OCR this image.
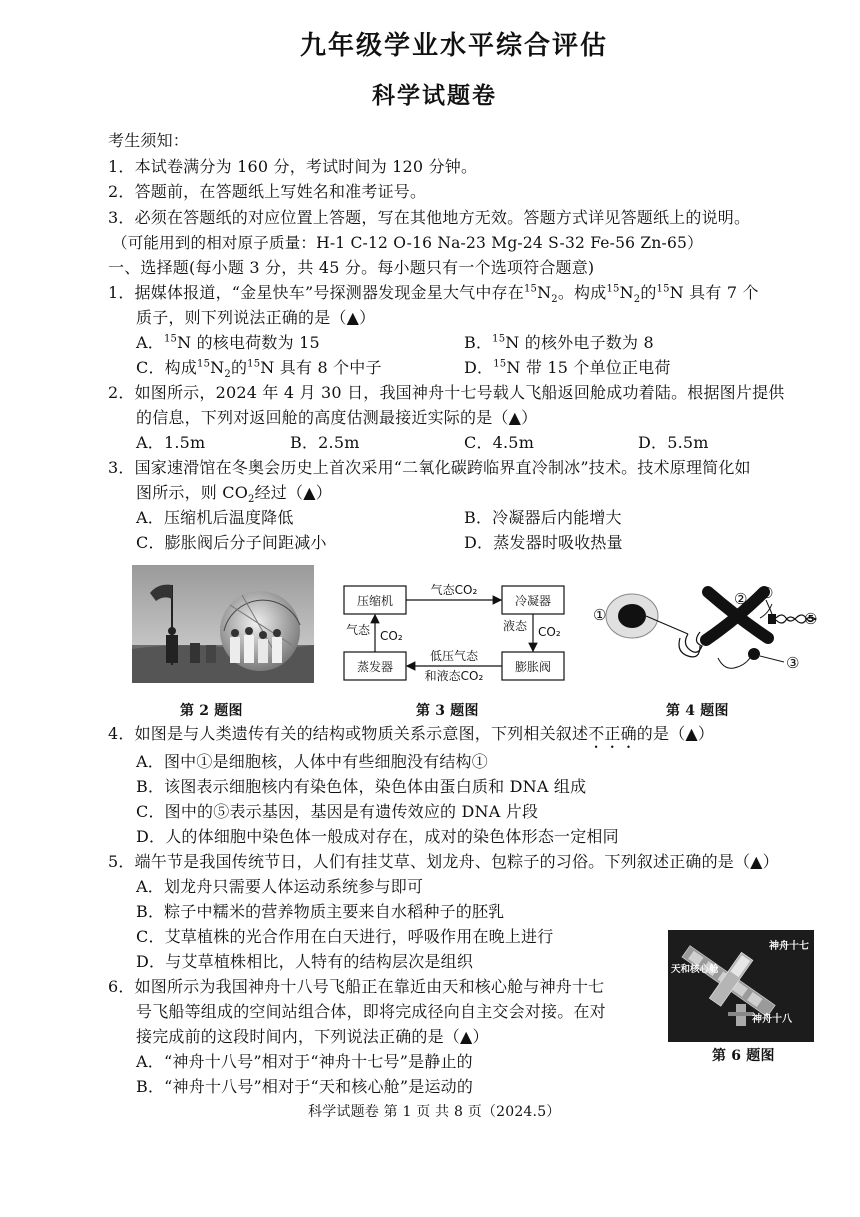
九年级学业水平综合评估
科学试题卷
考生须知：
1．本试卷满分为 160 分，考试时间为 120 分钟。
2．答题前，在答题纸上写姓名和准考证号。
3．必须在答题纸的对应位置上答题，写在其他地方无效。答题方式详见答题纸上的说明。
（可能用到的相对原子质量：H-1 C-12 O-16 Na-23 Mg-24 S-32 Fe-56 Zn-65）
一、选择题(每小题 3 分，共 45 分。每小题只有一个选项符合题意)
1．据媒体报道，“金星快车”号探测器发现金星大气中存在$^{15}N_2$。构成$^{15}N_2$的$^{15}$N 具有 7 个
质子，则下列说法正确的是（▲）
A．$^{15}$N 的核电荷数为 15	B．$^{15}$N 的核外电子数为 8
C．构成$^{15}N_2$的$^{15}$N 具有 8 个中子	D．$^{15}$N 带 15 个单位正电荷
2．如图所示，2024 年 4 月 30 日，我国神舟十七号载人飞船返回舱成功着陆。根据图片提供
的信息，下列对返回舱的高度估测最接近实际的是（▲）
A．1.5m	B．2.5m	C．4.5m	D．5.5m
3．国家速滑馆在冬奥会历史上首次采用“二氧化碳跨临界直冷制冰”技术。技术原理简化如
图所示，则 $CO_2$经过（▲）
A．压缩机后温度降低	B．冷凝器后内能增大
C．膨胀阀后分子间距减小	D．蒸发器时吸收热量
第 2 题图
压缩机	冷凝器
蒸发器	膨胀阀
气态CO₂
液态 CO₂
气态 CO₂
低压气态
和液态CO₂
第 3 题图
①
②
③
④
⑤
第 4 题图
4．如图是与人类遗传有关的结构或物质关系示意图，下列相关叙述不正确的是（▲）
A．图中①是细胞核，人体中有些细胞没有结构①
B．该图表示细胞核内有染色体，染色体由蛋白质和 DNA 组成
C．图中的⑤表示基因，基因是有遗传效应的 DNA 片段
D．人的体细胞中染色体一般成对存在，成对的染色体形态一定相同
5．端午节是我国传统节日，人们有挂艾草、划龙舟、包粽子的习俗。下列叙述正确的是（▲）
A．划龙舟只需要人体运动系统参与即可
B．粽子中糯米的营养物质主要来自水稻种子的胚乳
C．艾草植株的光合作用在白天进行，呼吸作用在晚上进行
D．与艾草植株相比，人特有的结构层次是组织
6．如图所示为我国神舟十八号飞船正在靠近由天和核心舱与神舟十七
号飞船等组成的空间站组合体，即将完成径向自主交会对接。在对
接完成前的这段时间内，下列说法正确的是（▲）
A．“神舟十八号”相对于“神舟十七号”是静止的
B．“神舟十八号”相对于“天和核心舱”是运动的
神舟十七
天和核心舱
神舟十八
第 6 题图
科学试题卷 第 1 页 共 8 页（2024.5）
